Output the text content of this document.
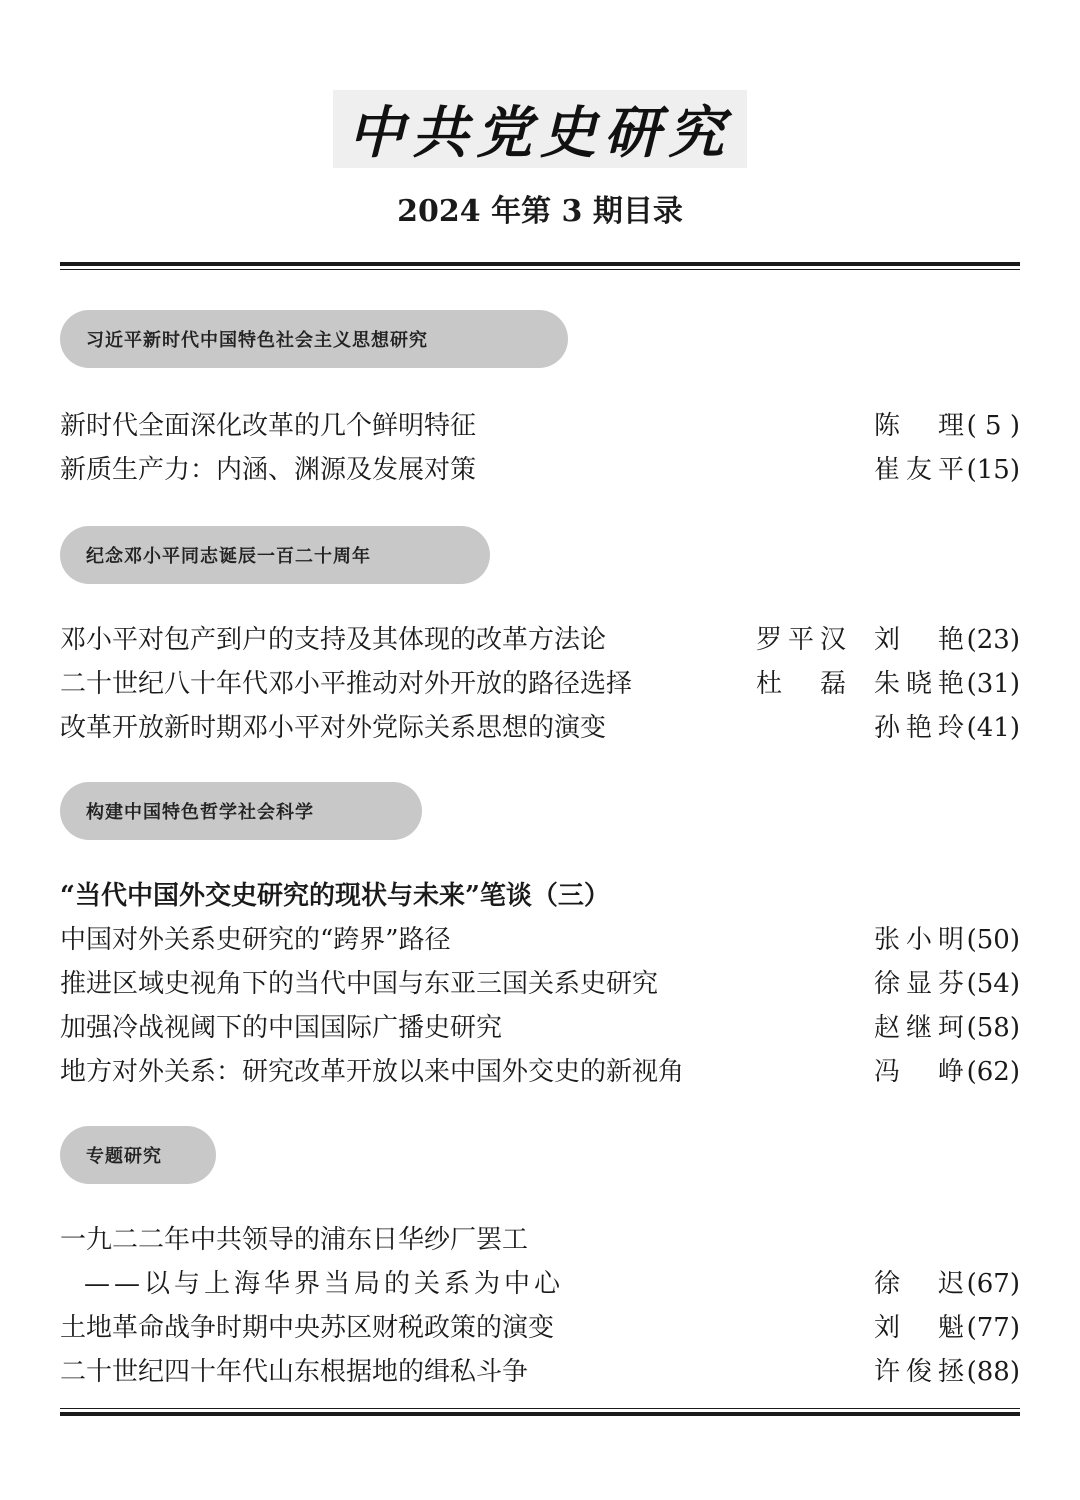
中共党史研究
2024 年第 3 期目录
习近平新时代中国特色社会主义思想研究
新时代全面深化改革的几个鲜明特征	陈　理 ( 5 )
新质生产力：内涵、渊源及发展对策	崔友平 (15)
纪念邓小平同志诞辰一百二十周年
邓小平对包产到户的支持及其体现的改革方法论	罗平汉 刘　艳 (23)
二十世纪八十年代邓小平推动对外开放的路径选择	杜　磊 朱晓艳 (31)
改革开放新时期邓小平对外党际关系思想的演变	孙艳玲 (41)
构建中国特色哲学社会科学
“当代中国外交史研究的现状与未来”笔谈（三）
中国对外关系史研究的“跨界”路径	张小明 (50)
推进区域史视角下的当代中国与东亚三国关系史研究	徐显芬 (54)
加强冷战视阈下的中国国际广播史研究	赵继珂 (58)
地方对外关系：研究改革开放以来中国外交史的新视角	冯　峥 (62)
专题研究
一九二二年中共领导的浦东日华纱厂罢工
——以与上海华界当局的关系为中心	徐　迟 (67)
土地革命战争时期中央苏区财税政策的演变	刘　魁 (77)
二十世纪四十年代山东根据地的缉私斗争	许俊拯 (88)
